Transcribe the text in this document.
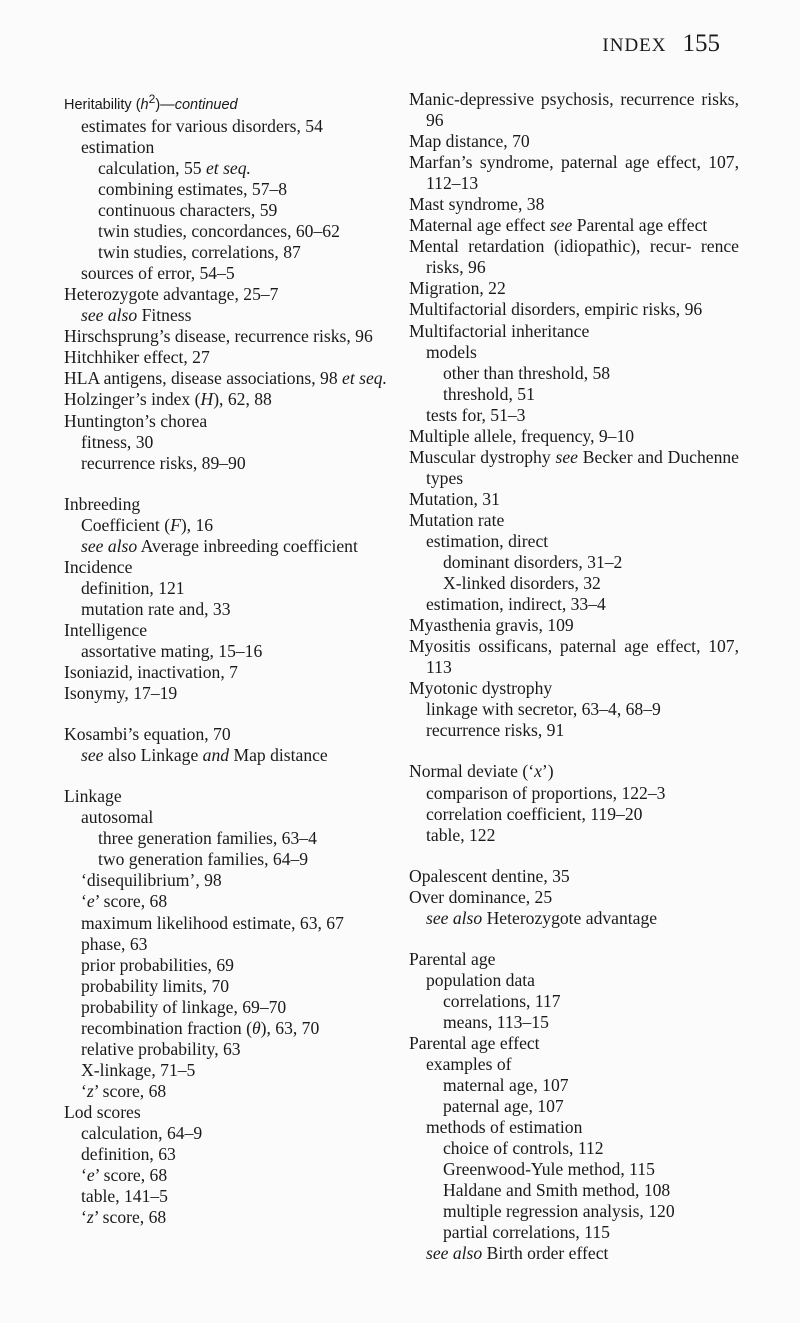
INDEX 155
Heritability $(h^2)—continued$
estimates for various disorders, 54
estimation
calculation, 55 et seq.
combining estimates, 57–8
continuous characters, 59
twin studies, concordances, 60–62
twin studies, correlations, 87
sources of error, 54–5
Heterozygote advantage, 25–7
see also Fitness
Hirschsprung’s disease, recurrence risks, 96
Hitchhiker effect, 27
HLA antigens, disease associations, 98 et seq.
Holzinger’s index (H), 62, 88
Huntington’s chorea
fitness, 30
recurrence risks, 89–90
Inbreeding
Coefficient (F), 16
see also Average inbreeding coefficient
Incidence
definition, 121
mutation rate and, 33
Intelligence
assortative mating, 15–16
Isoniazid, inactivation, 7
Isonymy, 17–19
Kosambi’s equation, 70
see also Linkage and Map distance
Linkage
autosomal
three generation families, 63–4
two generation families, 64–9
‘disequilibrium’, 98
‘e’ score, 68
maximum likelihood estimate, 63, 67
phase, 63
prior probabilities, 69
probability limits, 70
probability of linkage, 69–70
recombination fraction (θ), 63, 70
relative probability, 63
X-linkage, 71–5
‘z’ score, 68
Lod scores
calculation, 64–9
definition, 63
‘e’ score, 68
table, 141–5
‘z’ score, 68
Manic-depressive psychosis, recurrence risks, 96
Map distance, 70
Marfan’s syndrome, paternal age effect, 107, 112–13
Mast syndrome, 38
Maternal age effect see Parental age effect
Mental retardation (idiopathic), recur- rence risks, 96
Migration, 22
Multifactorial disorders, empiric risks, 96
Multifactorial inheritance
models
other than threshold, 58
threshold, 51
tests for, 51–3
Multiple allele, frequency, 9–10
Muscular dystrophy see Becker and Duchenne types
Mutation, 31
Mutation rate
estimation, direct
dominant disorders, 31–2
X-linked disorders, 32
estimation, indirect, 33–4
Myasthenia gravis, 109
Myositis ossificans, paternal age effect, 107, 113
Myotonic dystrophy
linkage with secretor, 63–4, 68–9
recurrence risks, 91
Normal deviate (‘x’)
comparison of proportions, 122–3
correlation coefficient, 119–20
table, 122
Opalescent dentine, 35
Over dominance, 25
see also Heterozygote advantage
Parental age
population data
correlations, 117
means, 113–15
Parental age effect
examples of
maternal age, 107
paternal age, 107
methods of estimation
choice of controls, 112
Greenwood-Yule method, 115
Haldane and Smith method, 108
multiple regression analysis, 120
partial correlations, 115
see also Birth order effect
